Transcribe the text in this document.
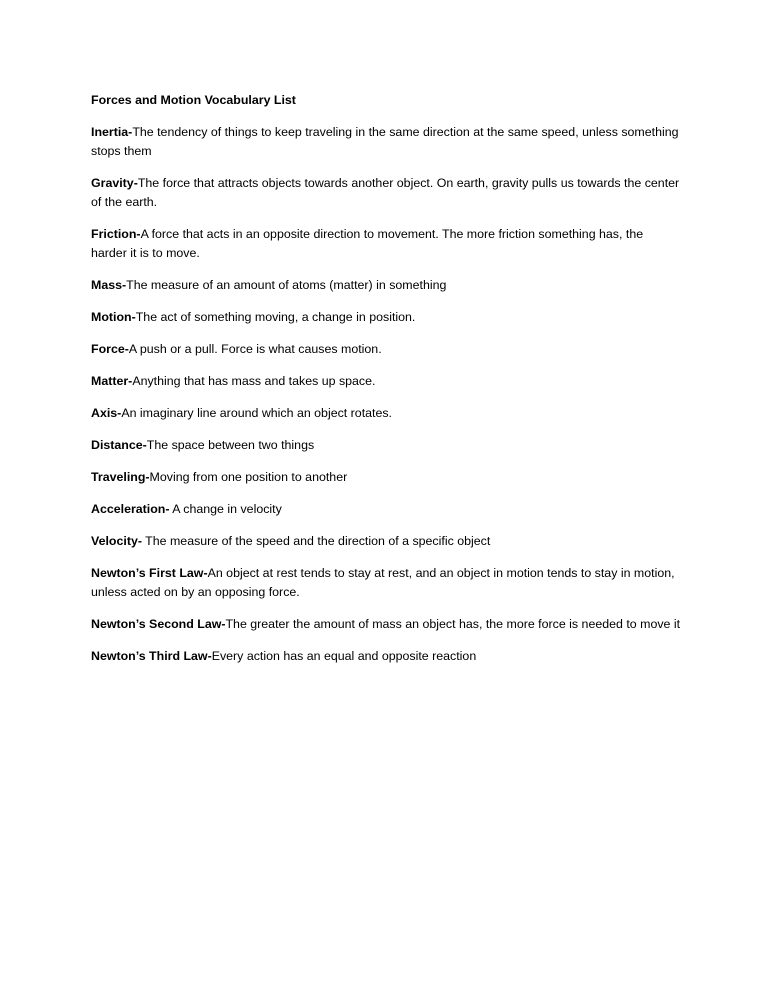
Forces and Motion Vocabulary List

Inertia-The tendency of things to keep traveling in the same direction at the same speed, unless something stops them

Gravity-The force that attracts objects towards another object. On earth, gravity pulls us towards the center of the earth.

Friction-A force that acts in an opposite direction to movement. The more friction something has, the harder it is to move.

Mass-The measure of an amount of atoms (matter) in something

Motion-The act of something moving, a change in position.

Force-A push or a pull. Force is what causes motion.

Matter-Anything that has mass and takes up space.

Axis-An imaginary line around which an object rotates.

Distance-The space between two things

Traveling-Moving from one position to another

Acceleration- A change in velocity

Velocity- The measure of the speed and the direction of a specific object

Newton’s First Law-An object at rest tends to stay at rest, and an object in motion tends to stay in motion, unless acted on by an opposing force.

Newton’s Second Law-The greater the amount of mass an object has, the more force is needed to move it

Newton’s Third Law-Every action has an equal and opposite reaction
